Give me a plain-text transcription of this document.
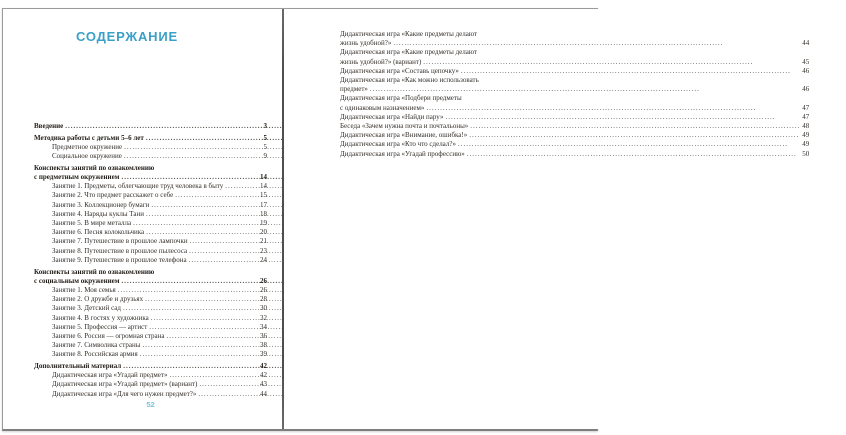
СОДЕРЖАНИЕ
Введение .....	3
Методика работы с детьми 5–6 лет .....	5
Предметное окружение .....	5
Социальное окружение .....	9
Конспекты занятий по ознакомлению
с предметным окружением .....	14
Занятие 1. Предметы, облегчающие труд человека в быту .....	14
Занятие 2. Что предмет расскажет о себе .....	15
Занятие 3. Коллекционер бумаги .....	17
Занятие 4. Наряды куклы Тани .....	18
Занятие 5. В мире металла .....	19
Занятие 6. Песня колокольчика .....	20
Занятие 7. Путешествие в прошлое лампочки .....	21
Занятие 8. Путешествие в прошлое пылесоса .....	23
Занятие 9. Путешествие в прошлое телефона .....	24
Конспекты занятий по ознакомлению
с социальным окружением .....	26
Занятие 1. Моя семья .....	26
Занятие 2. О дружбе и друзьях .....	28
Занятие 3. Детский сад .....	30
Занятие 4. В гостях у художника .....	32
Занятие 5. Профессия — артист .....	34
Занятие 6. Россия — огромная страна .....	36
Занятие 7. Символика страны .....	38
Занятие 8. Российская армия .....	39
Дополнительный материал .....	42
Дидактическая игра «Угадай предмет» .....	42
Дидактическая игра «Угадай предмет» (вариант) .....	43
Дидактическая игра «Для чего нужен предмет?» .....	44
52
Дидактическая игра «Какие предметы делают
жизнь удобной?» .....	44
Дидактическая игра «Какие предметы делают
жизнь удобной?» (вариант) .....	45
Дидактическая игра «Составь цепочку» .....	46
Дидактическая игра «Как можно использовать
предмет» .....	46
Дидактическая игра «Подбери предметы
с одинаковым назначением» .....	47
Дидактическая игра «Найди пару» .....	47
Беседа «Зачем нужна почта и почтальоны» .....	48
Дидактическая игра «Внимание, ошибка!» .....	49
Дидактическая игра «Кто что сделал?» .....	49
Дидактическая игра «Угадай профессию» .....	50
